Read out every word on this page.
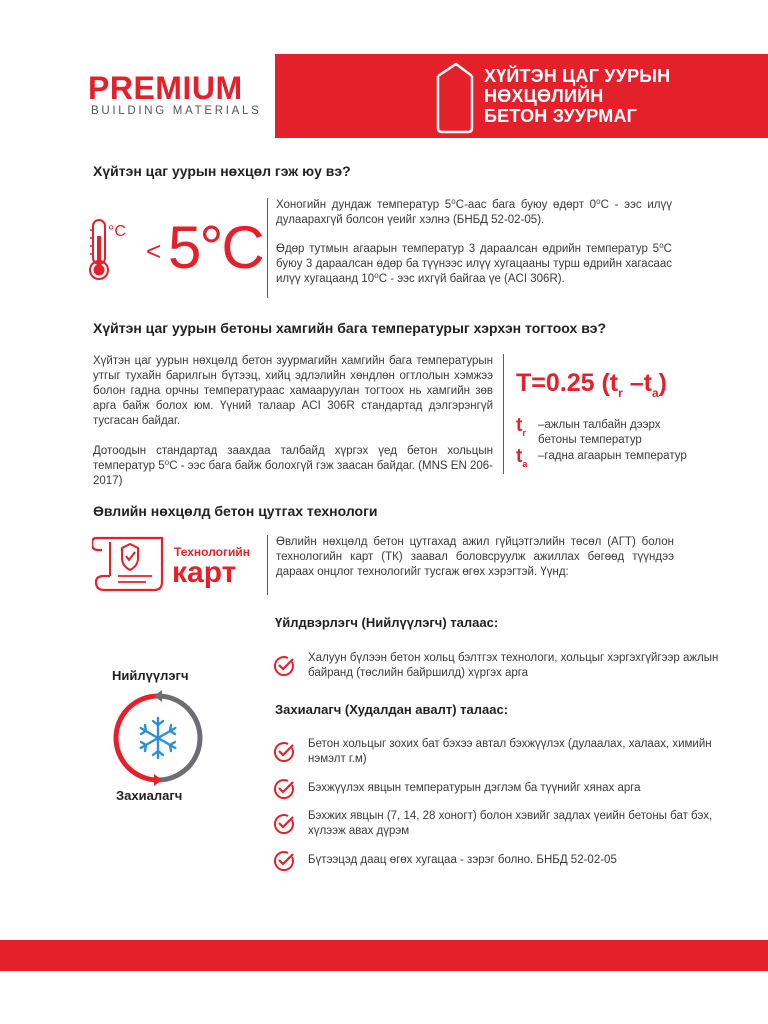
PREMIUM
BUILDING MATERIALS
ХҮЙТЭН ЦАГ УУРЫН
НӨХЦӨЛИЙН
БЕТОН ЗУУРМАГ
Хүйтэн цаг уурын нөхцөл гэж юу вэ?
°C
< 5°C
Хоногийн дундаж температур 5⁰С-аас бага буюу өдөрт 0⁰С - ээс илүү дулаарахгүй болсон үеийг хэлнэ (БНБД 52-02-05).
Өдөр тутмын агаарын температур 3 дараалсан өдрийн температур 5⁰С буюу 3 дараалсан өдөр ба түүнээс илүү хугацааны турш өдрийн хагасаас илүү хугацаанд 10⁰С - ээс ихгүй байгаа үе (ACI 306R).
Хүйтэн цаг уурын бетоны хамгийн бага температурыг хэрхэн тогтоох вэ?
Хүйтэн цаг уурын нөхцөлд бетон зуурмагийн хамгийн бага температурын утгыг тухайн барилгын бүтээц, хийц эдлэлийн хөндлөн огтлолын хэмжээ болон гадна орчны температураас хамааруулан тогтоох нь хамгийн зөв арга байж болох юм. Үүний талаар ACI 306R стандартад дэлгэрэнгүй тусгасан байдаг.
Дотоодын стандартад заахдаа талбайд хүргэх үед бетон хольцын температур 5⁰С - ээс бага байж болохгүй гэж заасан байдаг. (MNS EN 206-2017)
T=0.25 ($t_r$ $-t_a$)
$t_r$
–ажлын талбайн дээрх
бетоны температур
$t_a$
–гадна агаарын температур
Өвлийн нөхцөлд бетон цутгах технологи
Технологийн
карт
Өвлийн нөхцөлд бетон цутгахад ажил гүйцэтгэлийн төсөл (АГТ) болон технологийн карт (ТК) заавал боловсруулж ажиллах бөгөөд түүндээ дараах онцлог технологийг тусгаж өгөх хэрэгтэй. Үүнд:
Үйлдвэрлэгч (Нийлүүлэгч) талаас:
Халуун бүлээн бетон хольц бэлтгэх технологи, хольцыг хэргэхгүйгээр ажлын байранд (төслийн байршилд) хүргэх арга
Захиалагч (Худалдан авалт) талаас:
Бетон хольцыг зохих бат бэхээ автал бэхжүүлэх (дулаалах, халаах, химийн нэмэлт г.м)
Бэхжүүлэх явцын температурын дэглэм ба түүнийг хянах арга
Бэхжих явцын (7, 14, 28 хоногт) болон хэвийг задлах үеийн бетоны бат бэх, хүлээж авах дүрэм
Бүтээцэд даац өгөх хугацаа - зэрэг болно. БНБД 52-02-05
Нийлүүлэгч
Захиалагч
